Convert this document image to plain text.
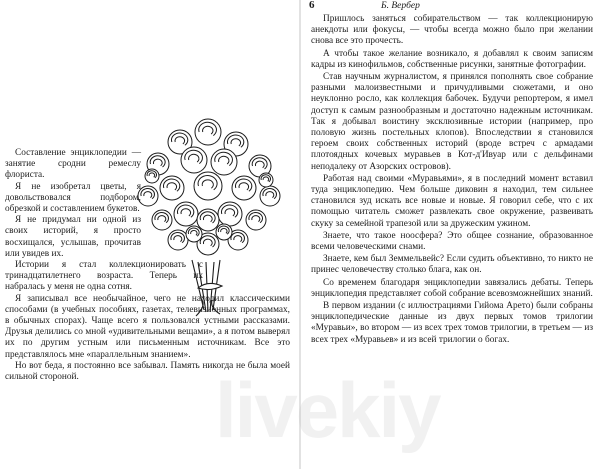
Составление энциклопедии — занятие сродни ремеслу флориста.

Я не изобретал цветы, я довольствовался подбором, обрезкой и составлением букетов.

Я не придумал ни одной из своих историй, я просто восхищался, услышав, прочитав или увидев их.

Истории я стал коллекционировать с тринадцатилетнего возраста. Теперь их набралась у меня не одна сотня.

Я записывал все необычайное, чего не находил классическими способами (в учебных пособиях, газетах, телевизионных программах, в обычных спорах). Чаще всего я пользовался устными рассказами. Друзья делились со мной «удивительными вещами», а я потом выверял их по другим устным или письменным источникам. Все это представлялось мне «параллельным знанием».

Но вот беда, я постоянно все забывал. Память никогда не была моей сильной стороной.

6	Б. Вербер

Пришлось заняться собирательством — так коллекционирую анекдоты или фокусы, — чтобы всегда можно было при желании снова все это прочесть.

А чтобы такое желание возникало, я добавлял к своим записям кадры из кинофильмов, собственные рисунки, занятные фотографии.

Став научным журналистом, я принялся пополнять свое собрание разными малоизвестными и причудливыми сюжетами, и оно неуклонно росло, как коллекция бабочек. Будучи репортером, я имел доступ к самым разнообразным и достаточно надежным источникам. Так я добывал воистину эксклюзивные истории (например, про половую жизнь постельных клопов). Впоследствии я становился героем своих собственных историй (вроде встреч с армадами плотоядных кочевых муравьев в Кот-д'Ивуар или с дельфинами неподалеку от Азорских островов).

Работая над своими «Муравьями», я в последний момент вставил туда энциклопедию. Чем больше диковин я находил, тем сильнее становился зуд искать все новые и новые. Я говорил себе, что с их помощью читатель сможет развлекать свое окружение, развеивать скуку за семейной трапезой или за дружеским ужином.

Знаете, что такое ноосфера? Это общее сознание, образованное всеми человеческими снами.

Знаете, кем был Земмельвейс? Если судить объективно, то никто не принес человечеству столько блага, как он.

Со временем благодаря энциклопедии завязались дебаты. Теперь энциклопедия представляет собой собрание всевозможнейших знаний.

В первом издании (с иллюстрациями Гийома Арето) были собраны энциклопедические данные из двух первых томов трилогии «Муравьи», во втором — из всех трех томов трилогии, в третьем — из всех трех «Муравьев» и из всей трилогии о богах.

livekiy
